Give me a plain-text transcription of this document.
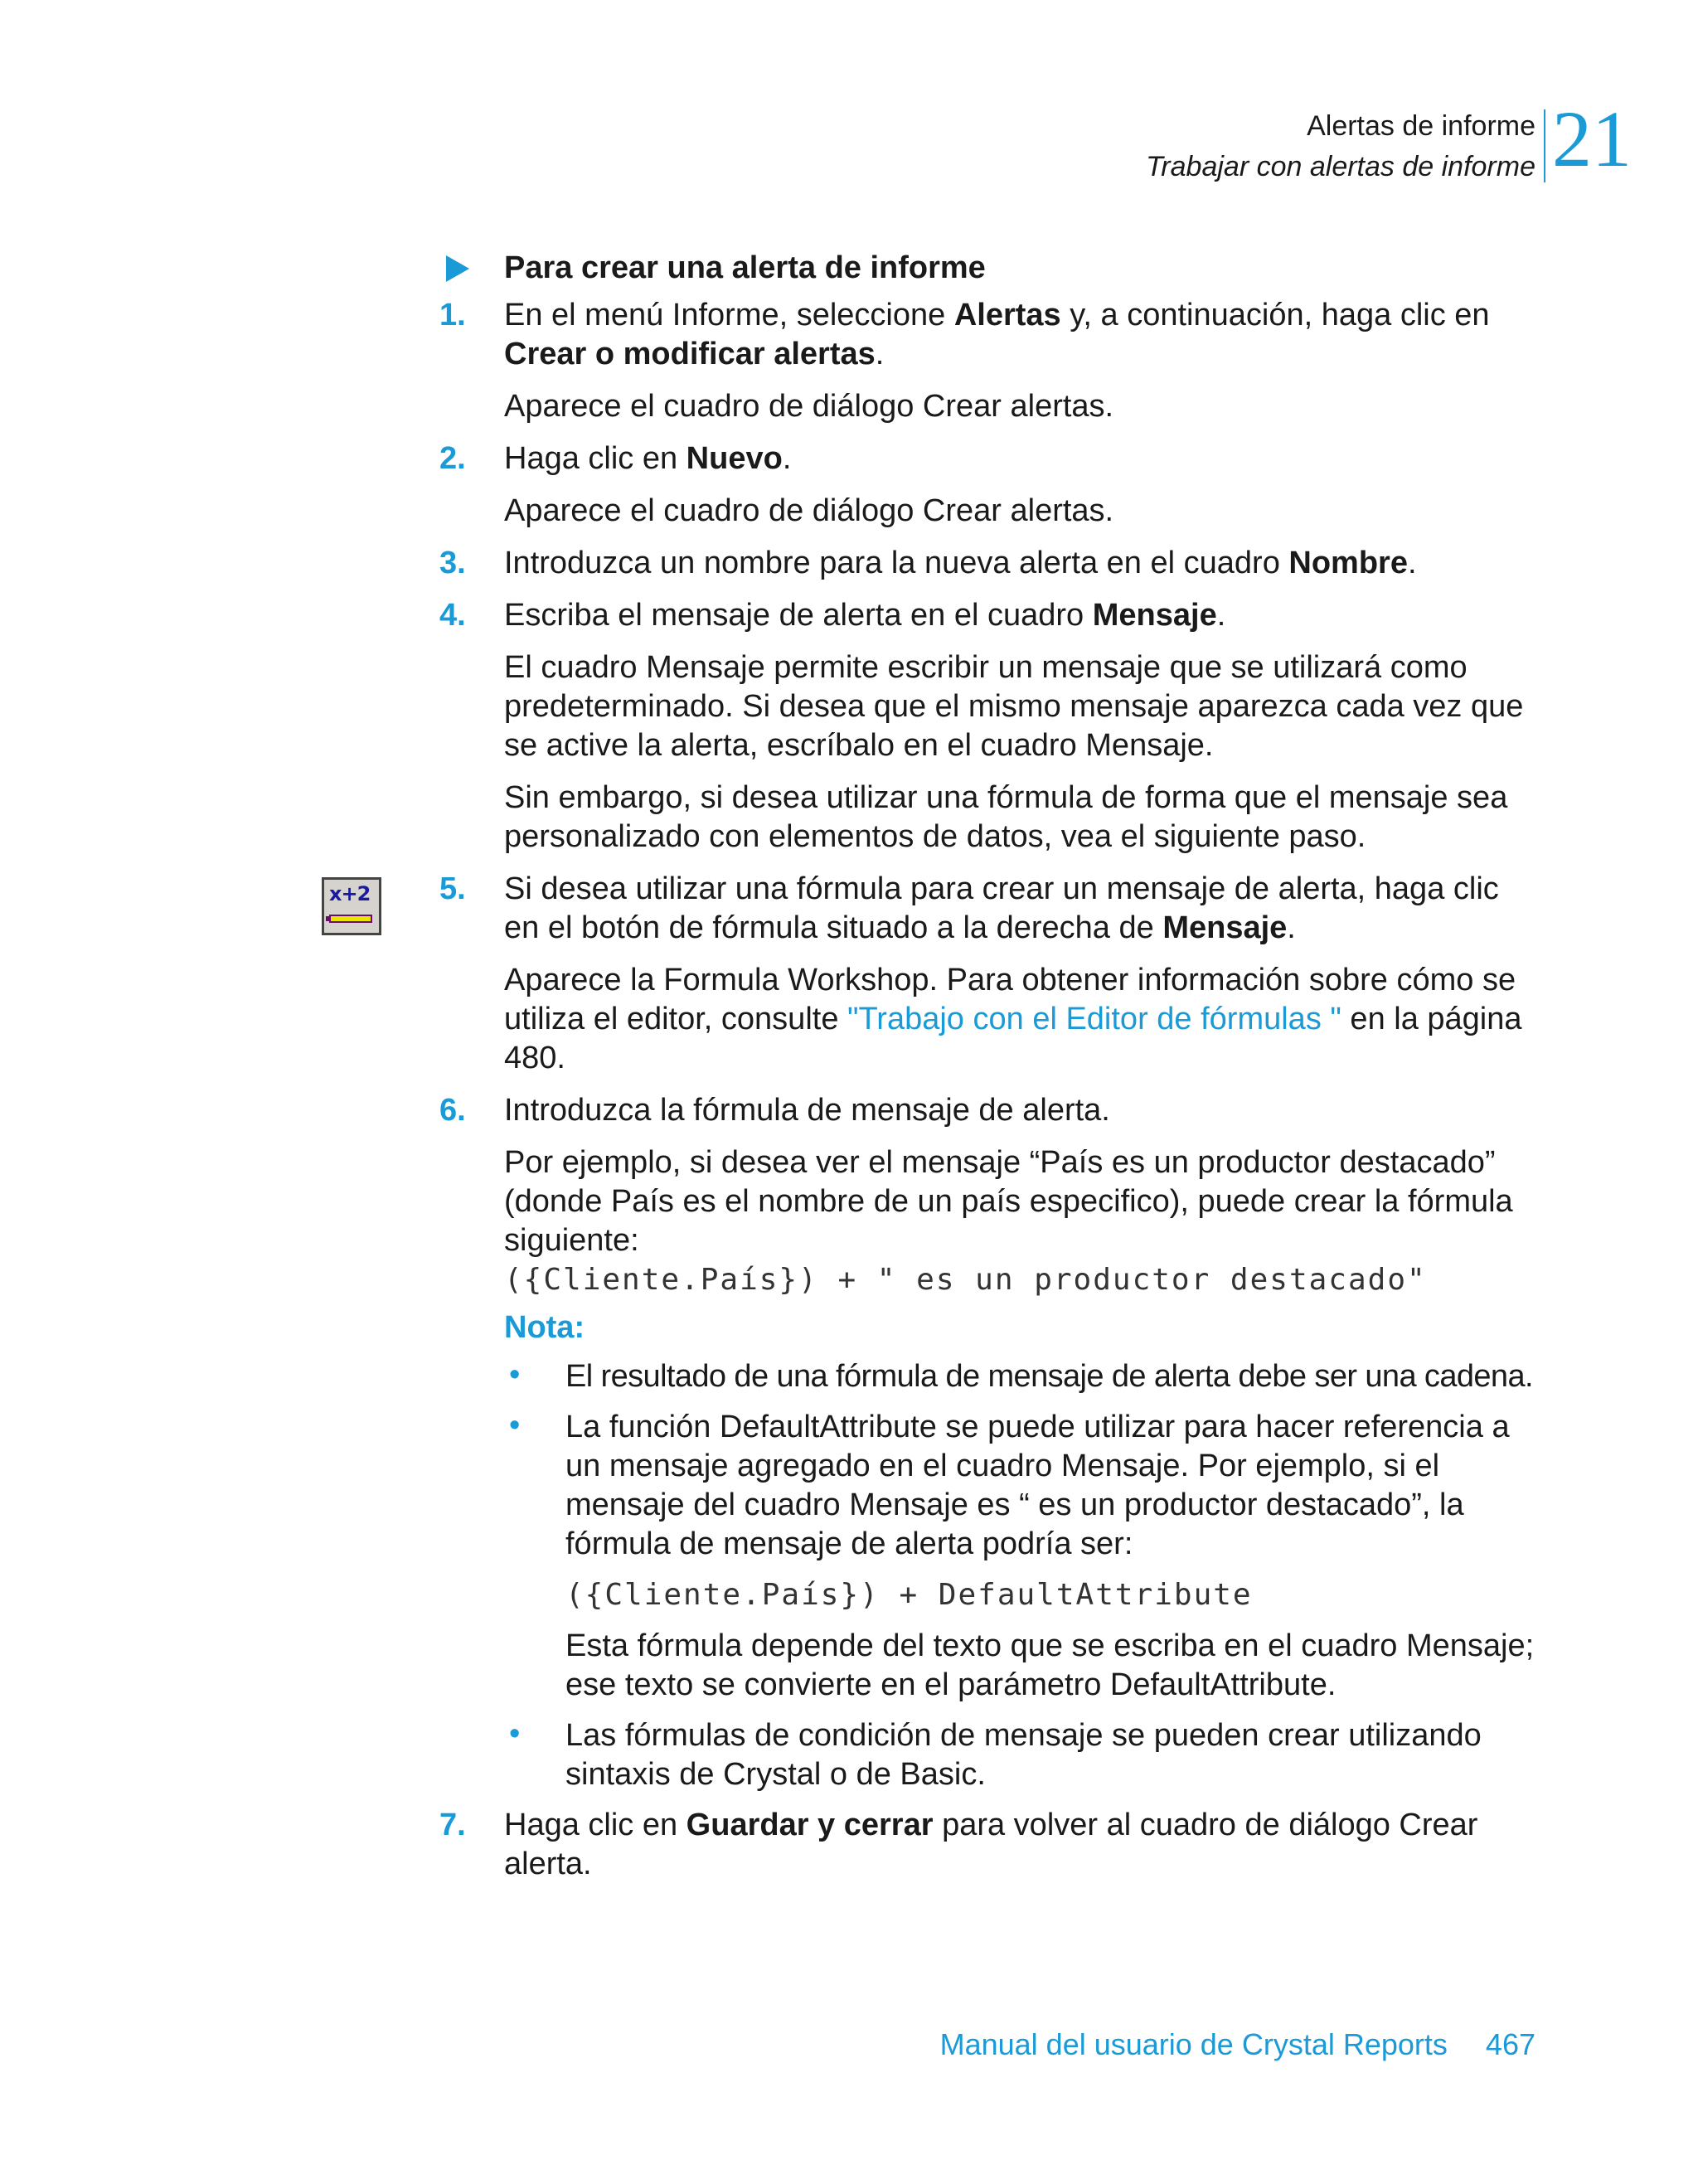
Alertas de informe
Trabajar con alertas de informe 21
x+2
Para crear una alerta de informe
1. En el menú Informe, seleccione Alertas y, a continuación, haga clic en Crear o modificar alertas.
Aparece el cuadro de diálogo Crear alertas.
2. Haga clic en Nuevo.
Aparece el cuadro de diálogo Crear alertas.
3. Introduzca un nombre para la nueva alerta en el cuadro Nombre.
4. Escriba el mensaje de alerta en el cuadro Mensaje.
El cuadro Mensaje permite escribir un mensaje que se utilizará como predeterminado. Si desea que el mismo mensaje aparezca cada vez que se active la alerta, escríbalo en el cuadro Mensaje.
Sin embargo, si desea utilizar una fórmula de forma que el mensaje sea personalizado con elementos de datos, vea el siguiente paso.
5. Si desea utilizar una fórmula para crear un mensaje de alerta, haga clic en el botón de fórmula situado a la derecha de Mensaje.
Aparece la Formula Workshop. Para obtener información sobre cómo se utiliza el editor, consulte "Trabajo con el Editor de fórmulas " en la página 480.
6. Introduzca la fórmula de mensaje de alerta.
Por ejemplo, si desea ver el mensaje “País es un productor destacado” (donde País es el nombre de un país especifico), puede crear la fórmula siguiente:
({Cliente.País}) + " es un productor destacado"
Nota:
• El resultado de una fórmula de mensaje de alerta debe ser una cadena.
• La función DefaultAttribute se puede utilizar para hacer referencia a un mensaje agregado en el cuadro Mensaje. Por ejemplo, si el mensaje del cuadro Mensaje es “ es un productor destacado”, la fórmula de mensaje de alerta podría ser:
({Cliente.País}) + DefaultAttribute
Esta fórmula depende del texto que se escriba en el cuadro Mensaje; ese texto se convierte en el parámetro DefaultAttribute.
• Las fórmulas de condición de mensaje se pueden crear utilizando sintaxis de Crystal o de Basic.
7. Haga clic en Guardar y cerrar para volver al cuadro de diálogo Crear alerta.
Manual del usuario de Crystal Reports 467
